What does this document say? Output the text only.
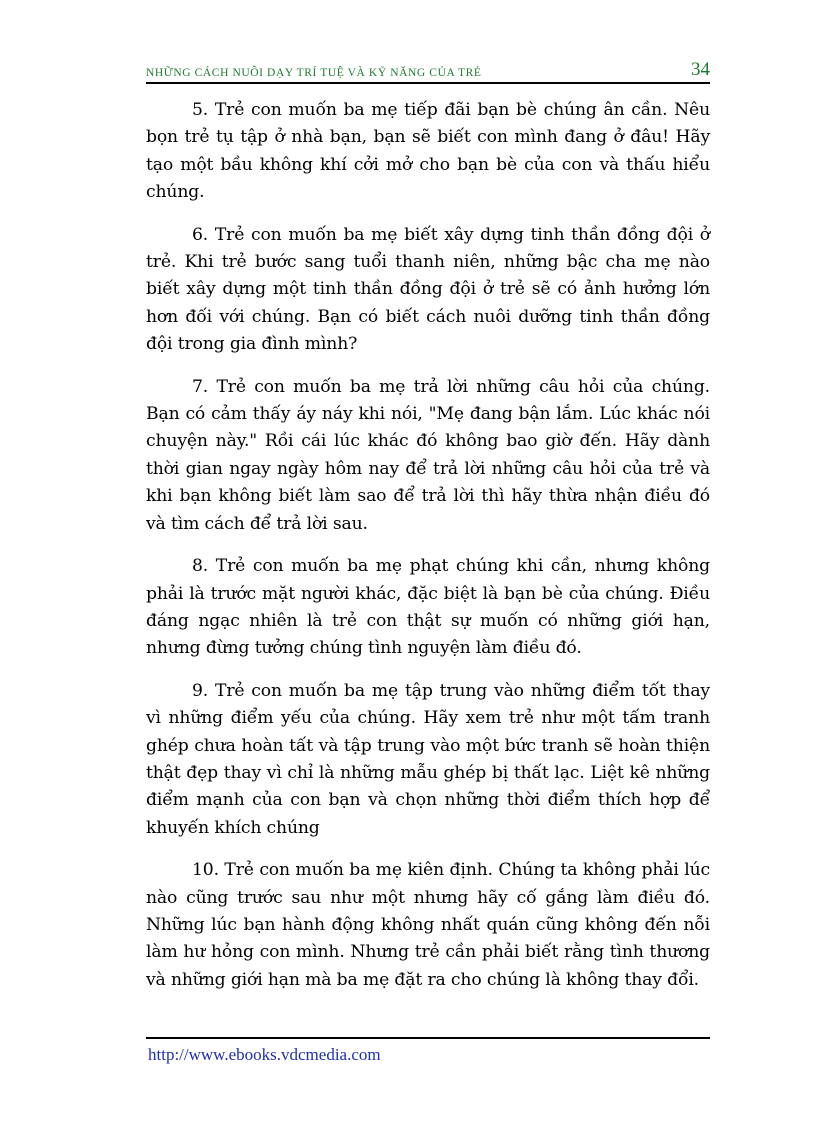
NHỮNG CÁCH NUÔI DẠY TRÍ TUỆ VÀ KỸ NĂNG CỦA TRẺ	34

5. Trẻ con muốn ba mẹ tiếp đãi bạn bè chúng ân cần. Nêu bọn trẻ tụ tập ở nhà bạn, bạn sẽ biết con mình đang ở đâu! Hãy tạo một bầu không khí cởi mở cho bạn bè của con và thấu hiểu chúng.

6. Trẻ con muốn ba mẹ biết xây dựng tinh thần đồng đội ở trẻ. Khi trẻ bước sang tuổi thanh niên, những bậc cha mẹ nào biết xây dựng một tinh thần đồng đội ở trẻ sẽ có ảnh hưởng lớn hơn đối với chúng. Bạn có biết cách nuôi dưỡng tinh thần đồng đội trong gia đình mình?

7. Trẻ con muốn ba mẹ trả lời những câu hỏi của chúng. Bạn có cảm thấy áy náy khi nói, "Mẹ đang bận lắm. Lúc khác nói chuyện này." Rồi cái lúc khác đó không bao giờ đến. Hãy dành thời gian ngay ngày hôm nay để trả lời những câu hỏi của trẻ và khi bạn không biết làm sao để trả lời thì hãy thừa nhận điều đó và tìm cách để trả lời sau.

8. Trẻ con muốn ba mẹ phạt chúng khi cần, nhưng không phải là trước mặt người khác, đặc biệt là bạn bè của chúng. Điều đáng ngạc nhiên là trẻ con thật sự muốn có những giới hạn, nhưng đừng tưởng chúng tình nguyện làm điều đó.

9. Trẻ con muốn ba mẹ tập trung vào những điểm tốt thay vì những điểm yếu của chúng. Hãy xem trẻ như một tấm tranh ghép chưa hoàn tất và tập trung vào một bức tranh sẽ hoàn thiện thật đẹp thay vì chỉ là những mẫu ghép bị thất lạc. Liệt kê những điểm mạnh của con bạn và chọn những thời điểm thích hợp để khuyến khích chúng

10. Trẻ con muốn ba mẹ kiên định. Chúng ta không phải lúc nào cũng trước sau như một nhưng hãy cố gắng làm điều đó. Những lúc bạn hành động không nhất quán cũng không đến nỗi làm hư hỏng con mình. Nhưng trẻ cần phải biết rằng tình thương và những giới hạn mà ba mẹ đặt ra cho chúng là không thay đổi.

http://www.ebooks.vdcmedia.com
